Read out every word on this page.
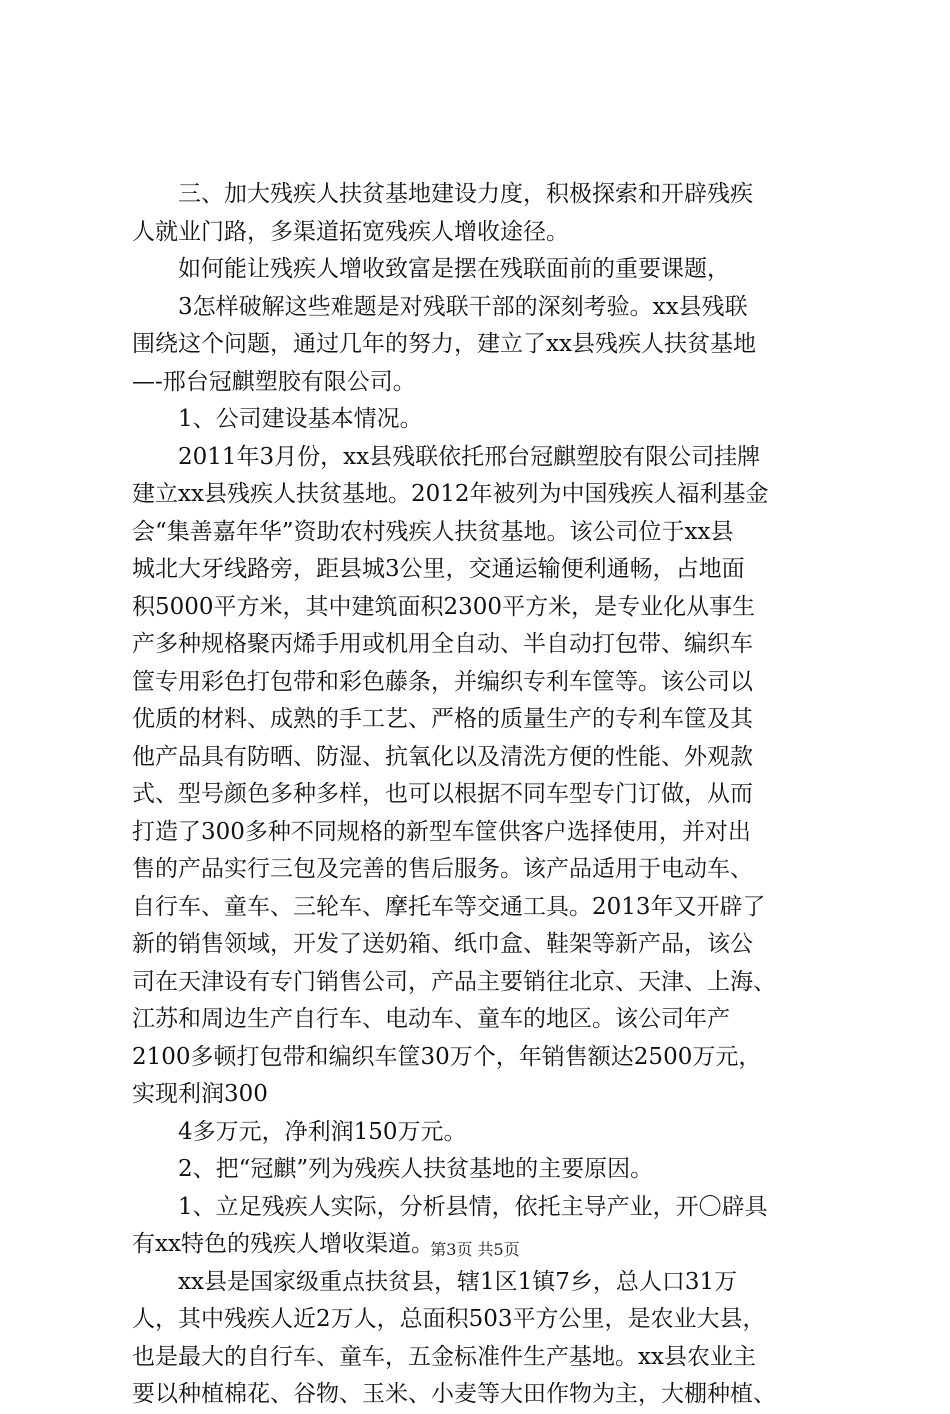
三、加大残疾人扶贫基地建设力度，积极探索和开辟残疾
人就业门路，多渠道拓宽残疾人增收途径。
如何能让残疾人增收致富是摆在残联面前的重要课题，
3怎样破解这些难题是对残联干部的深刻考验。xx县残联
围绕这个问题，通过几年的努力，建立了xx县残疾人扶贫基地
—-邢台冠麒塑胶有限公司。
1、公司建设基本情况。
2011年3月份，xx县残联依托邢台冠麒塑胶有限公司挂牌
建立xx县残疾人扶贫基地。2012年被列为中国残疾人福利基金
会“集善嘉年华”资助农村残疾人扶贫基地。该公司位于xx县
城北大牙线路旁，距县城3公里，交通运输便利通畅，占地面
积5000平方米，其中建筑面积2300平方米，是专业化从事生
产多种规格聚丙烯手用或机用全自动、半自动打包带、编织车
筐专用彩色打包带和彩色藤条，并编织专利车筐等。该公司以
优质的材料、成熟的手工艺、严格的质量生产的专利车筐及其
他产品具有防晒、防湿、抗氧化以及清洗方便的性能、外观款
式、型号颜色多种多样，也可以根据不同车型专门订做，从而
打造了300多种不同规格的新型车筐供客户选择使用，并对出
售的产品实行三包及完善的售后服务。该产品适用于电动车、
自行车、童车、三轮车、摩托车等交通工具。2013年又开辟了
新的销售领域，开发了送奶箱、纸巾盒、鞋架等新产品，该公
司在天津设有专门销售公司，产品主要销往北京、天津、上海、
江苏和周边生产自行车、电动车、童车的地区。该公司年产
2100多顿打包带和编织车筐30万个，年销售额达2500万元，
实现利润300
4多万元，净利润150万元。
2、把“冠麒”列为残疾人扶贫基地的主要原因。
1、立足残疾人实际，分析县情，依托主导产业，开〇辟具
有xx特色的残疾人增收渠道。
xx县是国家级重点扶贫县，辖1区1镇7乡，总人口31万
人，其中残疾人近2万人，总面积503平方公里，是农业大县，
也是最大的自行车、童车，五金标准件生产基地。xx县农业主
要以种植棉花、谷物、玉米、小麦等大田作物为主，大棚种植、
第3页 共5页
